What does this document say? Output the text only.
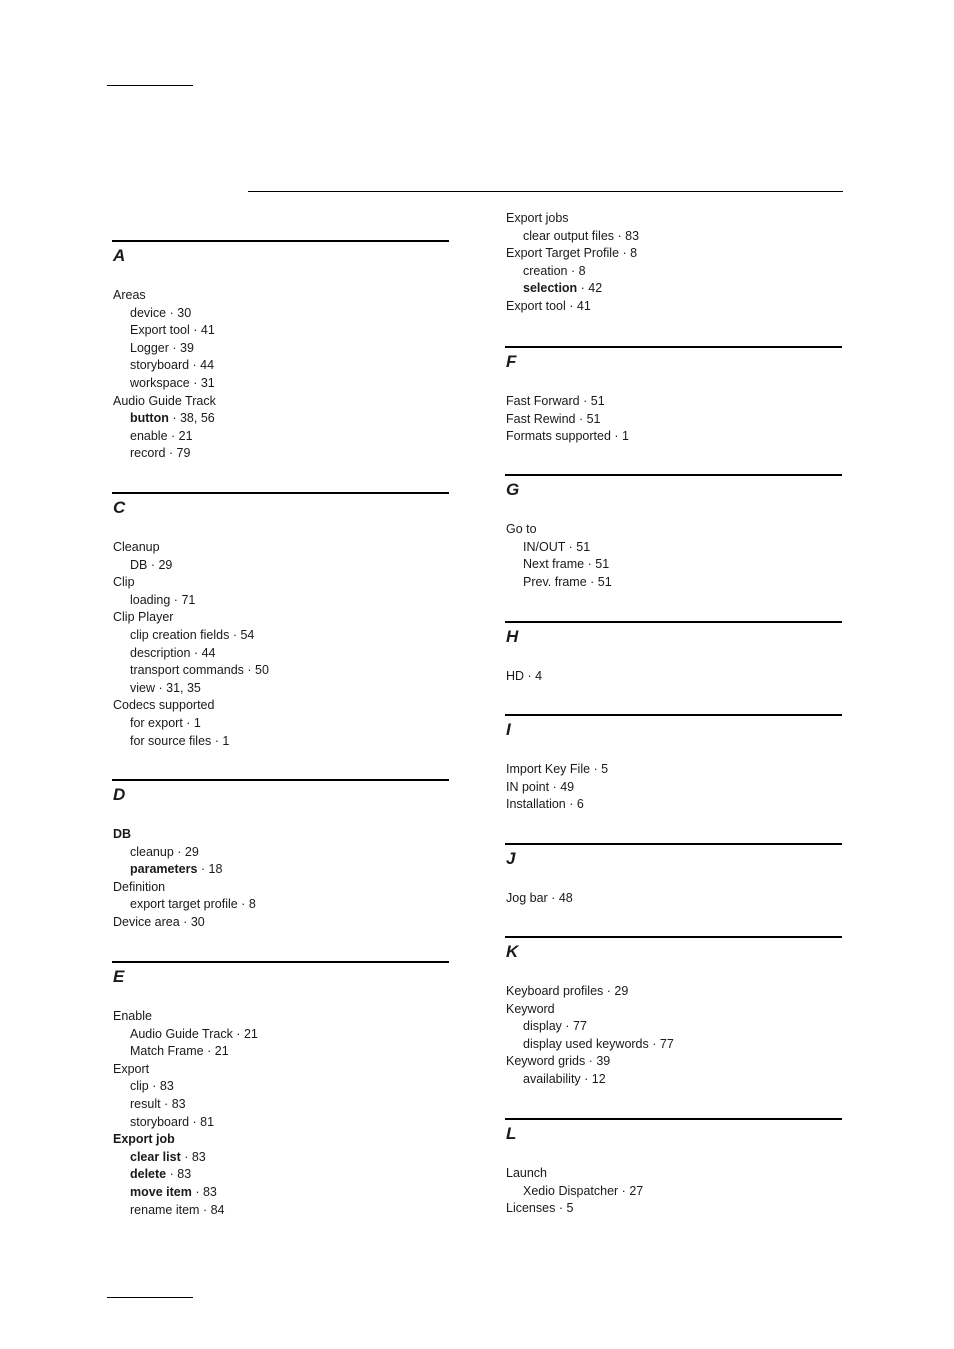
A
Areas
device · 30
Export tool · 41
Logger · 39
storyboard · 44
workspace · 31
Audio Guide Track
button · 38, 56
enable · 21
record · 79
C
Cleanup
DB · 29
Clip
loading · 71
Clip Player
clip creation fields · 54
description · 44
transport commands · 50
view · 31, 35
Codecs supported
for export · 1
for source files · 1
D
DB
cleanup · 29
parameters · 18
Definition
export target profile · 8
Device area · 30
E
Enable
Audio Guide Track · 21
Match Frame · 21
Export
clip · 83
result · 83
storyboard · 81
Export job
clear list · 83
delete · 83
move item · 83
rename item · 84
Export jobs
clear output files · 83
Export Target Profile · 8
creation · 8
selection · 42
Export tool · 41
F
Fast Forward · 51
Fast Rewind · 51
Formats supported · 1
G
Go to
IN/OUT · 51
Next frame · 51
Prev. frame · 51
H
HD · 4
I
Import Key File · 5
IN point · 49
Installation · 6
J
Jog bar · 48
K
Keyboard profiles · 29
Keyword
display · 77
display used keywords · 77
Keyword grids · 39
availability · 12
L
Launch
Xedio Dispatcher · 27
Licenses · 5
